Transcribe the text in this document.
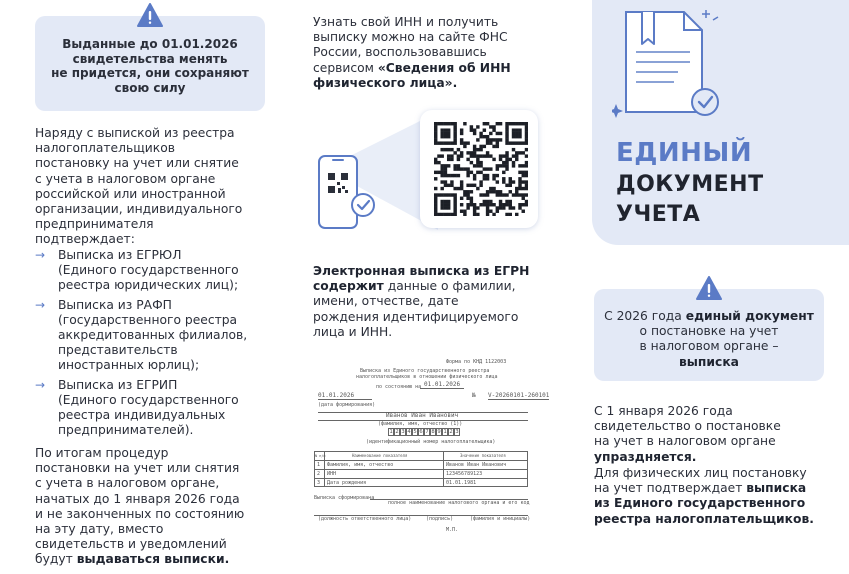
Выданные до 01.01.2026
свидетельства менять
не придется, они сохраняют
свою силу
Наряду с выпиской из реестра
налогоплательщиков
постановку на учет или снятие
с учета в налоговом органе
российской или иностранной
организации, индивидуального
предпринимателя
подтверждает:
→ Выписка из ЕГРЮЛ
(Единого государственного
реестра юридических лиц);
→ Выписка из РАФП
(государственного реестра
аккредитованных филиалов,
представительств
иностранных юрлиц);
→ Выписка из ЕГРИП
(Единого государственного
реестра индивидуальных
предпринимателей).
По итогам процедур
постановки на учет или снятия
с учета в налоговом органе,
начатых до 1 января 2026 года
и не законченных по состоянию
на эту дату, вместо
свидетельств и уведомлений
будут выдаваться выписки.
Узнать свой ИНН и получить
выписку можно на сайте ФНС
России, воспользовавшись
сервисом «Сведения об ИНН
физического лица».
Электронная выписка из ЕГРН
содержит данные о фамилии,
имени, отчестве, дате
рождения идентифицируемого
лица и ИНН.
Форма по КНД 1122003
Выписка из Единого государственного реестра
налогоплательщиков в отношении физического лица
по состоянию на 01.01.2026
01.01.2026
(дата формирования)
№ V-20260101-260101
Иванов Иван Иванович
(фамилия, имя, отчество (1))
1 2 3 4 5 6 7 8 9 1 2 3
(идентификационный номер налогоплательщика)
N п/п	Наименование показателя	Значение показателя
1 Фамилия, имя, отчество	Иванов Иван Иванович
2 ИНН	123456789123
3 Дата рождения	01.01.1981
Выписка сформирована
полное наименование налогового органа и его код
(должность ответственного лица)	(подпись)	(фамилия и инициалы)
М.П.
ЕДИНЫЙ
ДОКУМЕНТ
УЧЕТА
С 2026 года единый документ
о постановке на учет
в налоговом органе –
выписка
С 1 января 2026 года
свидетельство о постановке
на учет в налоговом органе
упраздняется.
Для физических лиц постановку
на учет подтверждает выписка
из Единого государственного
реестра налогоплательщиков.
